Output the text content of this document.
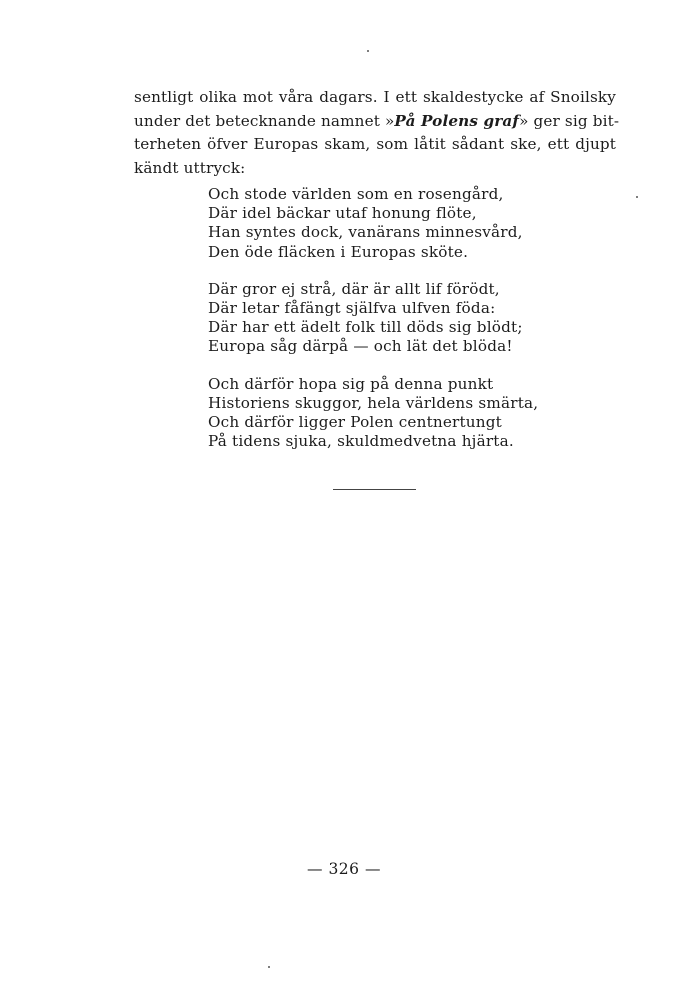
sentligt olika mot våra dagars. I ett skaldestycke af Snoilsky
under det betecknande namnet »På Polens graf» ger sig bit-
terheten öfver Europas skam, som låtit sådant ske, ett djupt
kändt uttryck:
Och stode världen som en rosengård,
Där idel bäckar utaf honung flöte,
Han syntes dock, vanärans minnesvård,
Den öde fläcken i Europas sköte.
Där gror ej strå, där är allt lif förödt,
Där letar fåfängt själfva ulfven föda:
Där har ett ädelt folk till döds sig blödt;
Europa såg därpå — och lät det blöda!
Och därför hopa sig på denna punkt
Historiens skuggor, hela världens smärta,
Och därför ligger Polen centnertungt
På tidens sjuka, skuldmedvetna hjärta.
— 326 —
